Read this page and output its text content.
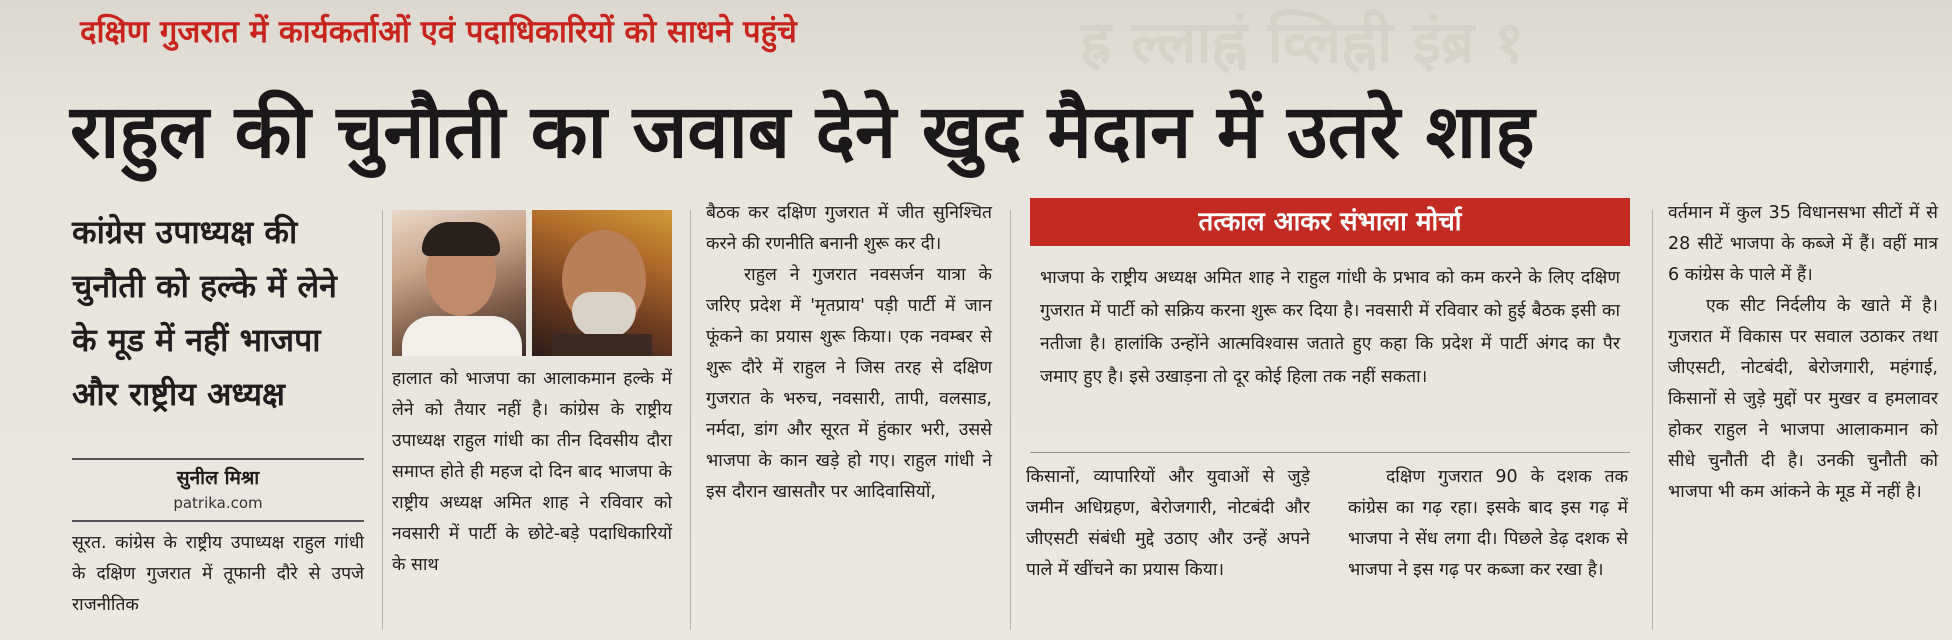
ह्र ल्लाह्नं व्लिह्नी इंब्र १
दक्षिण गुजरात में कार्यकर्ताओं एवं पदाधिकारियों को साधने पहुंचे
राहुल की चुनौती का जवाब देने खुद मैदान में उतरे शाह
कांग्रेस उपाध्यक्ष की चुनौती को हल्के में लेने के मूड में नहीं भाजपा और राष्ट्रीय अध्यक्ष
सुनील मिश्रा
patrika.com

सूरत. कांग्रेस के राष्ट्रीय उपाध्यक्ष राहुल गांधी के दक्षिण गुजरात में तूफानी दौरे से उपजे राजनीतिक

हालात को भाजपा का आलाकमान हल्के में लेने को तैयार नहीं है। कांग्रेस के राष्ट्रीय उपाध्यक्ष राहुल गांधी का तीन दिवसीय दौरा समाप्त होते ही महज दो दिन बाद भाजपा के राष्ट्रीय अध्यक्ष अमित शाह ने रविवार को नवसारी में पार्टी के छोटे-बड़े पदाधिकारियों के साथ

बैठक कर दक्षिण गुजरात में जीत सुनिश्चित करने की रणनीति बनानी शुरू कर दी।

राहुल ने गुजरात नवसर्जन यात्रा के जरिए प्रदेश में 'मृतप्राय' पड़ी पार्टी में जान फूंकने का प्रयास शुरू किया। एक नवम्बर से शुरू दौरे में राहुल ने जिस तरह से दक्षिण गुजरात के भरुच, नवसारी, तापी, वलसाड, नर्मदा, डांग और सूरत में हुंकार भरी, उससे भाजपा के कान खड़े हो गए। राहुल गांधी ने इस दौरान खासतौर पर आदिवासियों,

तत्काल आकर संभाला मोर्चा
भाजपा के राष्ट्रीय अध्यक्ष अमित शाह ने राहुल गांधी के प्रभाव को कम करने के लिए दक्षिण गुजरात में पार्टी को सक्रिय करना शुरू कर दिया है। नवसारी में रविवार को हुई बैठक इसी का नतीजा है। हालांकि उन्होंने आत्मविश्वास जताते हुए कहा कि प्रदेश में पार्टी अंगद का पैर जमाए हुए है। इसे उखाड़ना तो दूर कोई हिला तक नहीं सकता।

किसानों, व्यापारियों और युवाओं से जुड़े जमीन अधिग्रहण, बेरोजगारी, नोटबंदी और जीएसटी संबंधी मुद्दे उठाए और उन्हें अपने पाले में खींचने का प्रयास किया।

दक्षिण गुजरात 90 के दशक तक कांग्रेस का गढ़ रहा। इसके बाद इस गढ़ में भाजपा ने सेंध लगा दी। पिछले डेढ़ दशक से भाजपा ने इस गढ़ पर कब्जा कर रखा है।

वर्तमान में कुल 35 विधानसभा सीटों में से 28 सीटें भाजपा के कब्जे में हैं। वहीं मात्र 6 कांग्रेस के पाले में हैं।

एक सीट निर्दलीय के खाते में है। गुजरात में विकास पर सवाल उठाकर तथा जीएसटी, नोटबंदी, बेरोजगारी, महंगाई, किसानों से जुड़े मुद्दों पर मुखर व हमलावर होकर राहुल ने भाजपा आलाकमान को सीधे चुनौती दी है। उनकी चुनौती को भाजपा भी कम आंकने के मूड में नहीं है।
